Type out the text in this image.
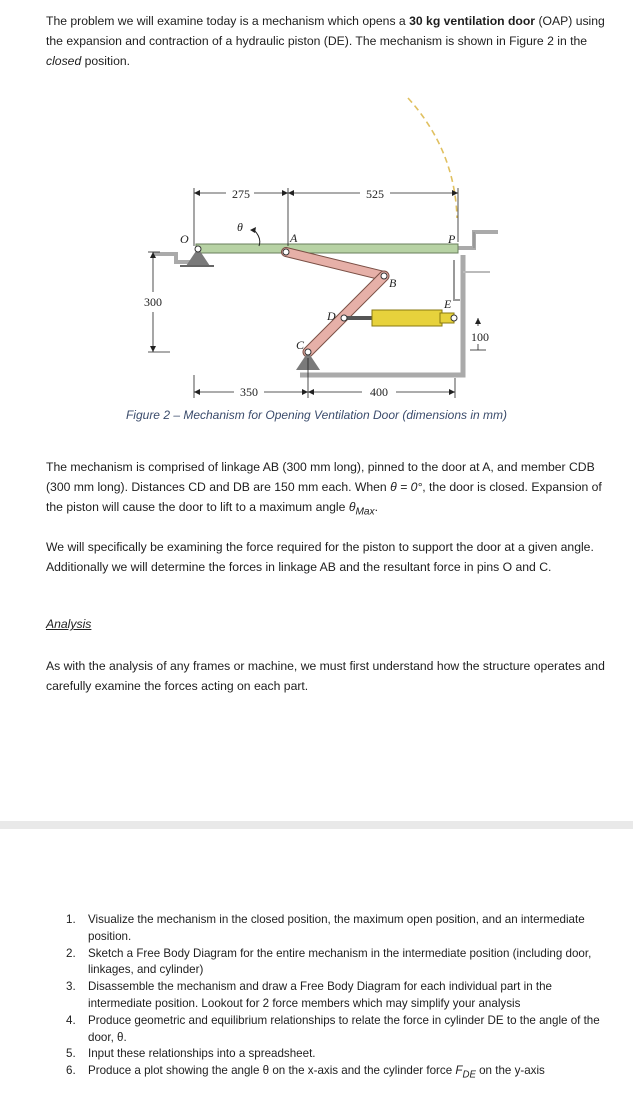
The problem we will examine today is a mechanism which opens a 30 kg ventilation door (OAP) using the expansion and contraction of a hydraulic piston (DE). The mechanism is shown in Figure 2 in the closed position.

275	525
300
100
350	400
O	A	P
B
D
E
C
θ

Figure 2 – Mechanism for Opening Ventilation Door (dimensions in mm)

The mechanism is comprised of linkage AB (300 mm long), pinned to the door at A, and member CDB (300 mm long). Distances CD and DB are 150 mm each. When θ = 0°, the door is closed. Expansion of the piston will cause the door to lift to a maximum angle $\theta_{Max}$.

We will specifically be examining the force required for the piston to support the door at a given angle. Additionally we will determine the forces in linkage AB and the resultant force in pins O and C.

Analysis

As with the analysis of any frames or machine, we must first understand how the structure operates and carefully examine the forces acting on each part.

1. Visualize the mechanism in the closed position, the maximum open position, and an intermediate position.
2. Sketch a Free Body Diagram for the entire mechanism in the intermediate position (including door, linkages, and cylinder)
3. Disassemble the mechanism and draw a Free Body Diagram for each individual part in the intermediate position. Lookout for 2 force members which may simplify your analysis
4. Produce geometric and equilibrium relationships to relate the force in cylinder DE to the angle of the door, θ.
5. Input these relationships into a spreadsheet.
6. Produce a plot showing the angle θ on the x-axis and the cylinder force $F_{DE}$ on the y-axis
